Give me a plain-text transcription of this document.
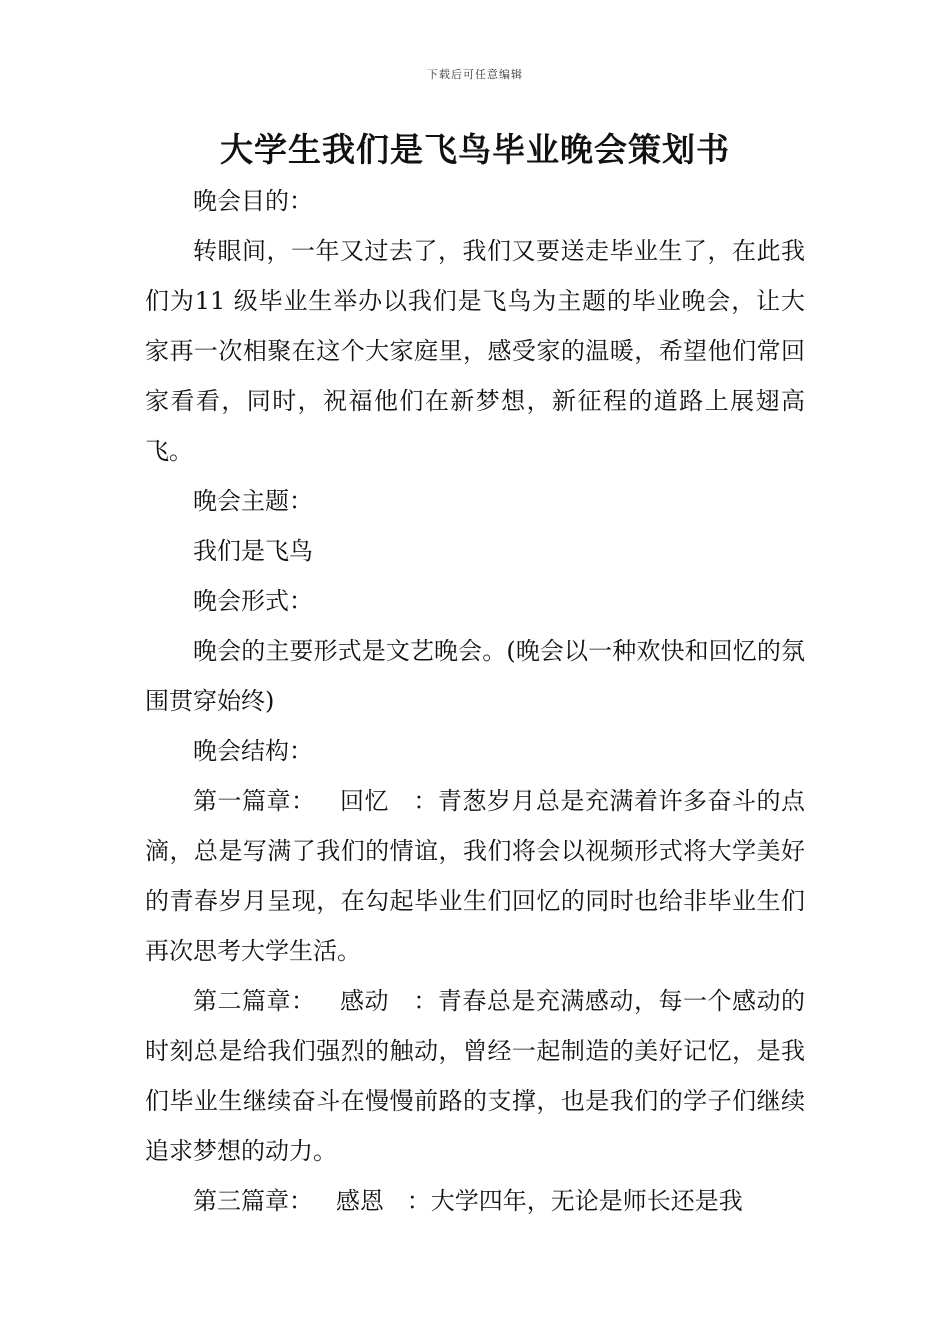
下载后可任意编辑
大学生我们是飞鸟毕业晚会策划书

晚会目的：

转眼间，一年又过去了，我们又要送走毕业生了，在此我们为11 级毕业生举办以我们是飞鸟为主题的毕业晚会，让大家再一次相聚在这个大家庭里，感受家的温暖，希望他们常回家看看，同时，祝福他们在新梦想，新征程的道路上展翅高飞。

晚会主题：

我们是飞鸟

晚会形式：

晚会的主要形式是文艺晚会。(晚会以一种欢快和回忆的氛围贯穿始终)

晚会结构：

第一篇章：   回忆   ：青葱岁月总是充满着许多奋斗的点滴，总是写满了我们的情谊，我们将会以视频形式将大学美好的青春岁月呈现，在勾起毕业生们回忆的同时也给非毕业生们再次思考大学生活。

第二篇章：   感动   ：青春总是充满感动，每一个感动的时刻总是给我们强烈的触动，曾经一起制造的美好记忆，是我们毕业生继续奋斗在慢慢前路的支撑，也是我们的学子们继续追求梦想的动力。

第三篇章：   感恩   ：大学四年，无论是师长还是我
